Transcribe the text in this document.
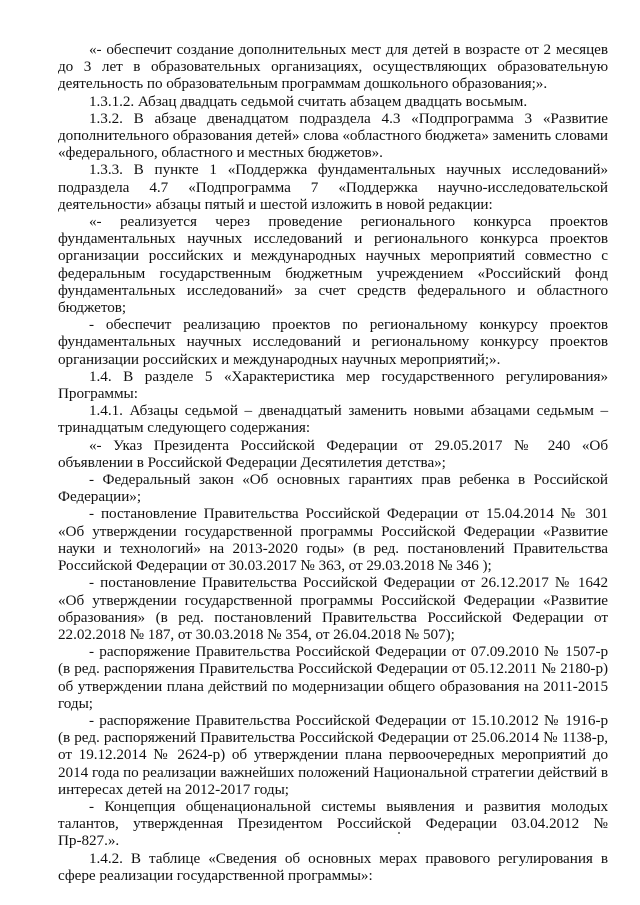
«- обеспечит создание дополнительных мест для детей в возрасте от 2 месяцев до 3 лет в образовательных организациях, осуществляющих образовательную деятельность по образовательным программам дошкольного образования;».

1.3.1.2. Абзац двадцать седьмой считать абзацем двадцать восьмым.

1.3.2. В абзаце двенадцатом подраздела 4.3 «Подпрограмма 3 «Развитие дополнительного образования детей» слова «областного бюджета» заменить словами «федерального, областного и местных бюджетов».

1.3.3. В пункте 1 «Поддержка фундаментальных научных исследований» подраздела 4.7 «Подпрограмма 7 «Поддержка научно-исследовательской деятельности» абзацы пятый и шестой изложить в новой редакции:

«- реализуется через проведение регионального конкурса проектов фундаментальных научных исследований и регионального конкурса проектов организации российских и международных научных мероприятий совместно с федеральным государственным бюджетным учреждением «Российский фонд фундаментальных исследований» за счет средств федерального и областного бюджетов;

- обеспечит реализацию проектов по региональному конкурсу проектов фундаментальных научных исследований и региональному конкурсу проектов организации российских и международных научных мероприятий;».

1.4. В разделе 5 «Характеристика мер государственного регулирования» Программы:

1.4.1. Абзацы седьмой – двенадцатый заменить новыми абзацами седьмым – тринадцатым следующего содержания:

«- Указ Президента Российской Федерации от 29.05.2017 № 240 «Об объявлении в Российской Федерации Десятилетия детства»;

- Федеральный закон «Об основных гарантиях прав ребенка в Российской Федерации»;

- постановление Правительства Российской Федерации от 15.04.2014 № 301 «Об утверждении государственной программы Российской Федерации «Развитие науки и технологий» на 2013-2020 годы» (в ред. постановлений Правительства Российской Федерации от 30.03.2017 № 363, от 29.03.2018 № 346 );

- постановление Правительства Российской Федерации от 26.12.2017 № 1642 «Об утверждении государственной программы Российской Федерации «Развитие образования» (в ред. постановлений Правительства Российской Федерации от 22.02.2018 № 187, от 30.03.2018 № 354, от 26.04.2018 № 507);

- распоряжение Правительства Российской Федерации от 07.09.2010 № 1507-р (в ред. распоряжения Правительства Российской Федерации от 05.12.2011 № 2180-р) об утверждении плана действий по модернизации общего образования на 2011-2015 годы;

- распоряжение Правительства Российской Федерации от 15.10.2012 № 1916-р (в ред. распоряжений Правительства Российской Федерации от 25.06.2014 № 1138-р, от 19.12.2014 № 2624-р) об утверждении плана первоочередных мероприятий до 2014 года по реализации важнейших положений Национальной стратегии действий в интересах детей на 2012-2017 годы;

- Концепция общенациональной системы выявления и развития молодых талантов, утвержденная Президентом Российской Федерации 03.04.2012 № Пр-827.».

1.4.2. В таблице «Сведения об основных мерах правового регулирования в сфере реализации государственной программы»:
